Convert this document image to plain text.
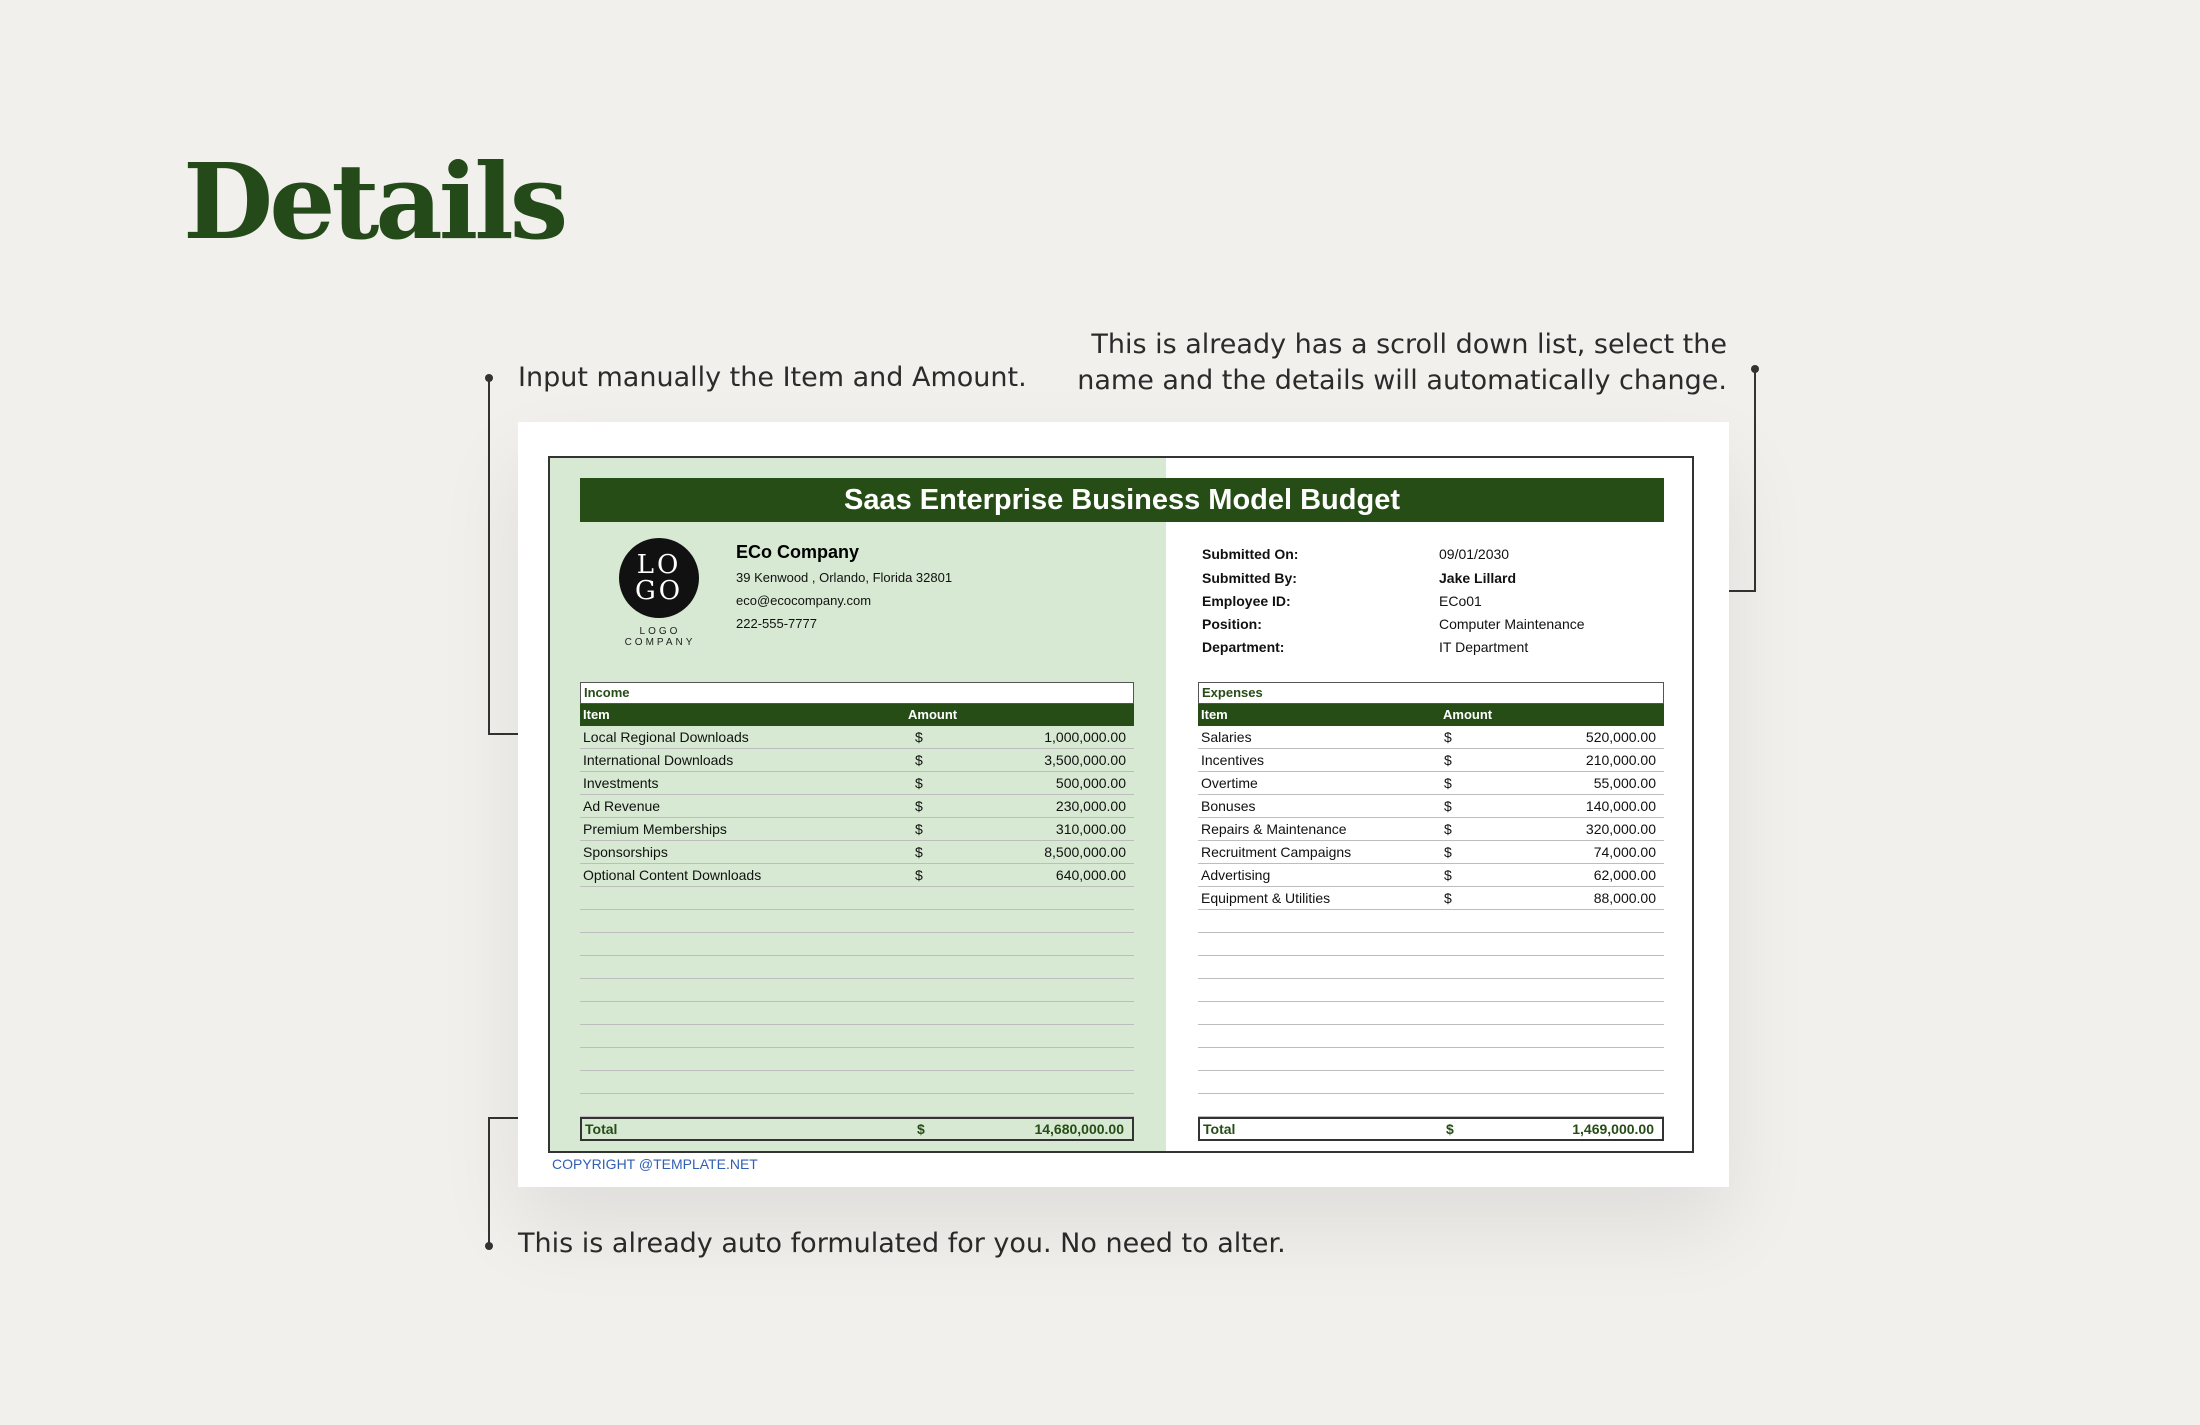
Details
Input manually the Item and Amount.
This is already has a scroll down list, select the
name and the details will automatically change.
This is already auto formulated for you. No need to alter.
Saas Enterprise Business Model Budget
LO
GO
LOGO COMPANY
ECo Company
39 Kenwood , Orlando, Florida 32801
eco@ecocompany.com
222-555-7777
Submitted On:	09/01/2030
Submitted By:	Jake Lillard
Employee ID:	ECo01
Position:	Computer Maintenance
Department:	IT Department
Income
Item	Amount
Local Regional Downloads	$	1,000,000.00
International Downloads	$	3,500,000.00
Investments	$	500,000.00
Ad Revenue	$	230,000.00
Premium Memberships	$	310,000.00
Sponsorships	$	8,500,000.00
Optional Content Downloads	$	640,000.00
Total	$	14,680,000.00
Expenses
Item	Amount
Salaries	$	520,000.00
Incentives	$	210,000.00
Overtime	$	55,000.00
Bonuses	$	140,000.00
Repairs & Maintenance	$	320,000.00
Recruitment Campaigns	$	74,000.00
Advertising	$	62,000.00
Equipment & Utilities	$	88,000.00
Total	$	1,469,000.00
COPYRIGHT @TEMPLATE.NET
